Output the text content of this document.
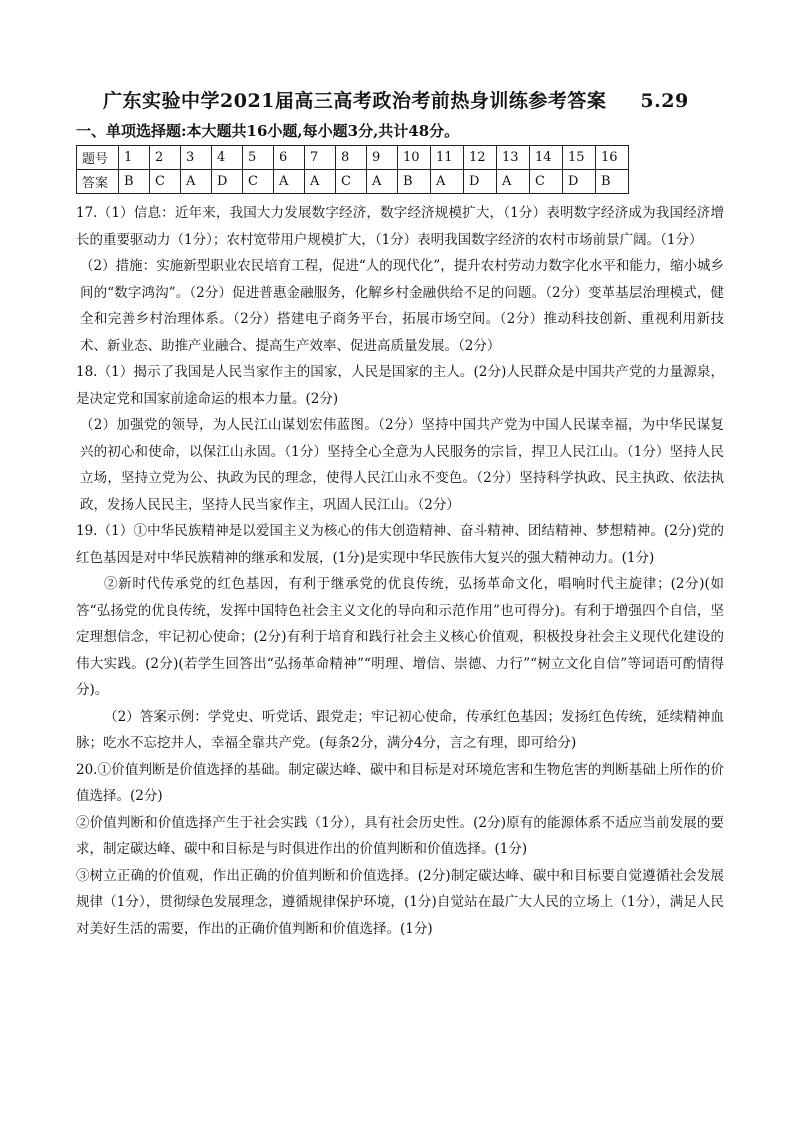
广东实验中学2021届高三高考政治考前热身训练参考答案 5.29
一、单项选择题:本大题共16小题,每小题3分,共计48分。
题号	1	2	3	4	5	6	7	8	9	10	11	12	13	14	15	16
答案	B	C	A	D	C	A	A	C	A	B	A	D	A	C	D	B

17.（1）信息：近年来，我国大力发展数字经济，数字经济规模扩大，（1分）表明数字经济成为我国经济增长的重要驱动力（1分）；农村宽带用户规模扩大，（1分）表明我国数字经济的农村市场前景广阔。（1分）

（2）措施：实施新型职业农民培育工程，促进“人的现代化”，提升农村劳动力数字化水平和能力，缩小城乡间的“数字鸿沟”。（2分）促进普惠金融服务，化解乡村金融供给不足的问题。（2分）变革基层治理模式，健全和完善乡村治理体系。（2分）搭建电子商务平台，拓展市场空间。（2分）推动科技创新、重视利用新技术、新业态、助推产业融合、提高生产效率、促进高质量发展。（2分）

18.（1）揭示了我国是人民当家作主的国家，人民是国家的主人。(2分)人民群众是中国共产党的力量源泉，是决定党和国家前途命运的根本力量。(2分)

（2）加强党的领导，为人民江山谋划宏伟蓝图。（2分）坚持中国共产党为中国人民谋幸福，为中华民谋复兴的初心和使命，以保江山永固。（1分）坚持全心全意为人民服务的宗旨，捍卫人民江山。（1分）坚持人民立场，坚持立党为公、执政为民的理念，使得人民江山永不变色。（2分）坚持科学执政、民主执政、依法执政，发扬人民民主，坚持人民当家作主，巩固人民江山。（2分）

19.（1）①中华民族精神是以爱国主义为核心的伟大创造精神、奋斗精神、团结精神、梦想精神。(2分)党的红色基因是对中华民族精神的继承和发展，(1分)是实现中华民族伟大复兴的强大精神动力。(1分)

②新时代传承党的红色基因，有利于继承党的优良传统，弘扬革命文化，唱响时代主旋律；(2分)(如答“弘扬党的优良传统，发挥中国特色社会主义文化的导向和示范作用”也可得分)。有利于增强四个自信，坚定理想信念，牢记初心使命；(2分)有利于培育和践行社会主义核心价值观，积极投身社会主义现代化建设的伟大实践。(2分)(若学生回答出“弘扬革命精神”“明理、增信、崇德、力行”“树立文化自信”等词语可酌情得分)。

（2）答案示例：学党史、听党话、跟党走；牢记初心使命，传承红色基因；发扬红色传统，延续精神血脉；吃水不忘挖井人，幸福全靠共产党。(每条2分，满分4分，言之有理，即可给分)

20.①价值判断是价值选择的基础。制定碳达峰、碳中和目标是对环境危害和生物危害的判断基础上所作的价值选择。(2分)

②价值判断和价值选择产生于社会实践（1分），具有社会历史性。(2分)原有的能源体系不适应当前发展的要求，制定碳达峰、碳中和目标是与时俱进作出的价值判断和价值选择。(1分)

③树立正确的价值观，作出正确的价值判断和价值选择。(2分)制定碳达峰、碳中和目标要自觉遵循社会发展规律（1分），贯彻绿色发展理念，遵循规律保护环境，(1分)自觉站在最广大人民的立场上（1分），满足人民对美好生活的需要，作出的正确价值判断和价值选择。(1分)
